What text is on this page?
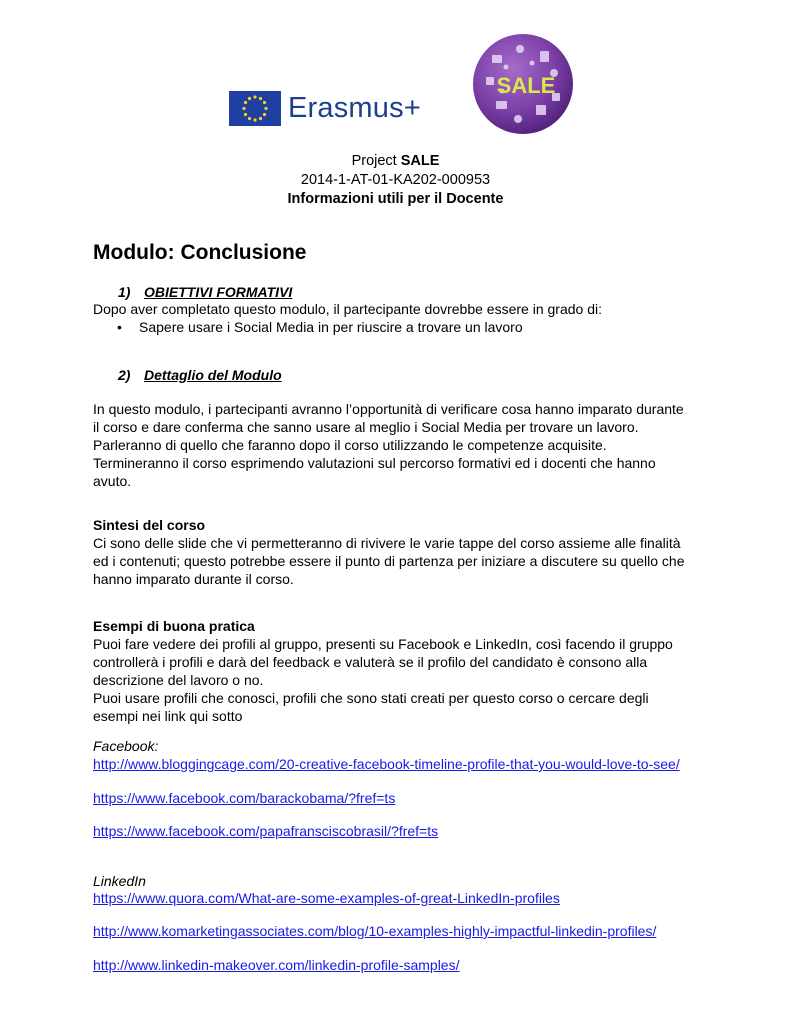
Erasmus+
SALE
Project SALE
2014-1-AT-01-KA202-000953
Informazioni utili per il Docente
Modulo: Conclusione
1) OBIETTIVI FORMATIVI
Dopo aver completato questo modulo, il partecipante dovrebbe essere in grado di:
•	Sapere usare i Social Media in per riuscire a trovare un lavoro
2) Dettaglio del Modulo
In questo modulo, i partecipanti avranno l’opportunità di verificare cosa hanno imparato durante
il corso e dare conferma che sanno usare al meglio i Social Media per trovare un lavoro.
Parleranno di quello che faranno dopo il corso utilizzando le competenze acquisite.
Termineranno il corso esprimendo valutazioni sul percorso formativi ed i docenti che hanno
avuto.
Sintesi del corso
Ci sono delle slide che vi permetteranno di rivivere le varie tappe del corso assieme alle finalità
ed i contenuti; questo potrebbe essere il punto di partenza per iniziare a discutere su quello che
hanno imparato durante il corso.
Esempi di buona pratica
Puoi fare vedere dei profili al gruppo, presenti su Facebook e LinkedIn, così facendo il gruppo
controllerà i profili e darà del feedback e valuterà se il profilo del candidato è consono alla
descrizione del lavoro o no.
Puoi usare profili che conosci, profili che sono stati creati per questo corso o cercare degli
esempi nei link qui sotto
Facebook:
http://www.bloggingcage.com/20-creative-facebook-timeline-profile-that-you-would-love-to-see/
https://www.facebook.com/barackobama/?fref=ts
https://www.facebook.com/papafransciscobrasil/?fref=ts
LinkedIn
https://www.quora.com/What-are-some-examples-of-great-LinkedIn-profiles
http://www.komarketingassociates.com/blog/10-examples-highly-impactful-linkedin-profiles/
http://www.linkedin-makeover.com/linkedin-profile-samples/
